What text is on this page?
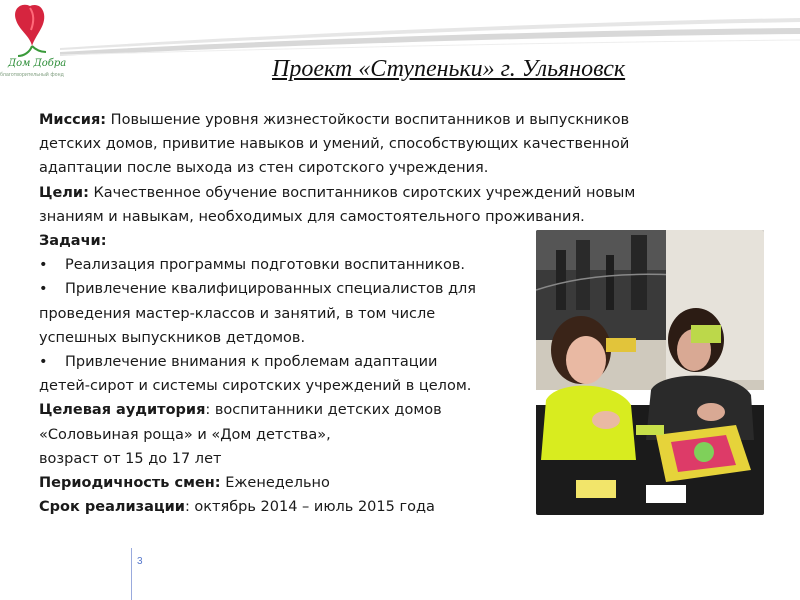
Дом Добра
благотворительный фонд	Проект «Ступеньки» г. Ульяновск

Миссия: Повышение уровня жизнестойкости воспитанников и выпускников

детских домов, привитие навыков и умений, способствующих качественной

адаптации после выхода из стен сиротского учреждения.

Цели: Качественное обучение воспитанников сиротских учреждений новым

знаниям и навыкам, необходимых для самостоятельного проживания.

Задачи:

• Реализация программы подготовки воспитанников.

• Привлечение квалифицированных специалистов для

проведения мастер-классов и занятий, в том числе

успешных выпускников детдомов.

• Привлечение внимания к проблемам адаптации

детей-сирот и системы сиротских учреждений в целом.

Целевая аудитория: воспитанники детских домов

«Соловьиная роща» и «Дом детства»,

возраст от 15 до 17 лет

Периодичность смен: Еженедельно

Срок реализации: октябрь 2014 – июль 2015 года

3
